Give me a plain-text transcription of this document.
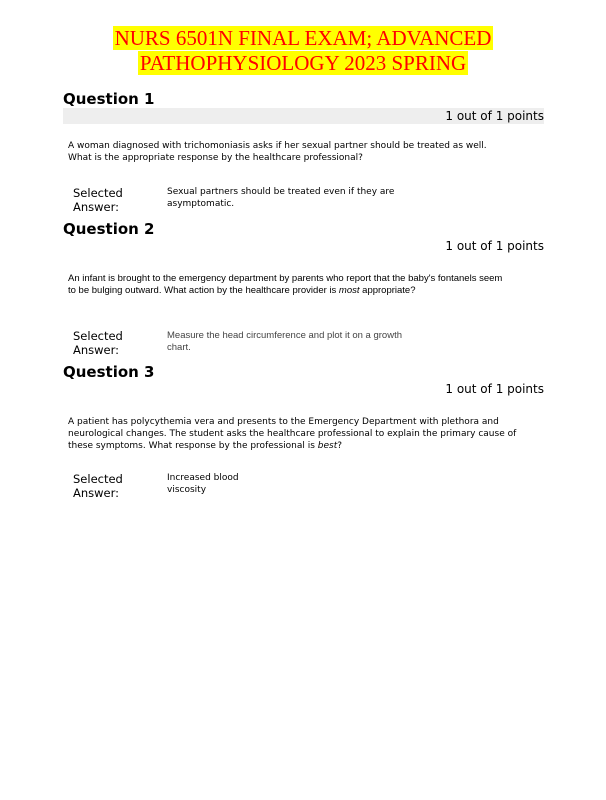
NURS 6501N FINAL EXAM; ADVANCED
PATHOPHYSIOLOGY 2023 SPRING
Question 1
1 out of 1 points
A woman diagnosed with trichomoniasis asks if her sexual partner should be treated as well. What is the appropriate response by the healthcare professional?
Selected Answer:
Sexual partners should be treated even if they are asymptomatic.
Question 2
1 out of 1 points
An infant is brought to the emergency department by parents who report that the baby's fontanels seem to be bulging outward. What action by the healthcare provider is most appropriate?
Selected Answer:
Measure the head circumference and plot it on a growth chart.
Question 3
1 out of 1 points
A patient has polycythemia vera and presents to the Emergency Department with plethora and neurological changes. The student asks the healthcare professional to explain the primary cause of these symptoms. What response by the professional is best?
Selected Answer:
Increased blood viscosity
